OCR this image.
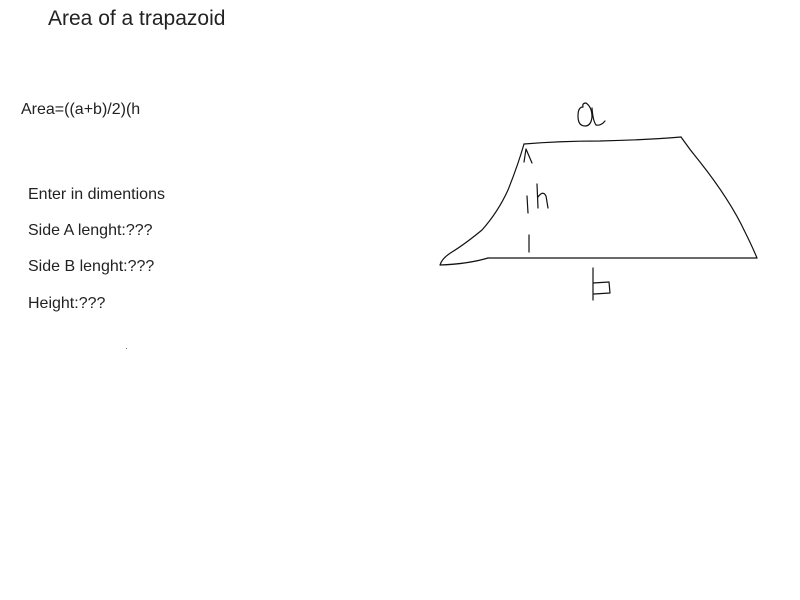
Area of a trapazoid
Area=((a+b)/2)(h
Enter in dimentions
Side A lenght:???
Side B lenght:???
Height:???
